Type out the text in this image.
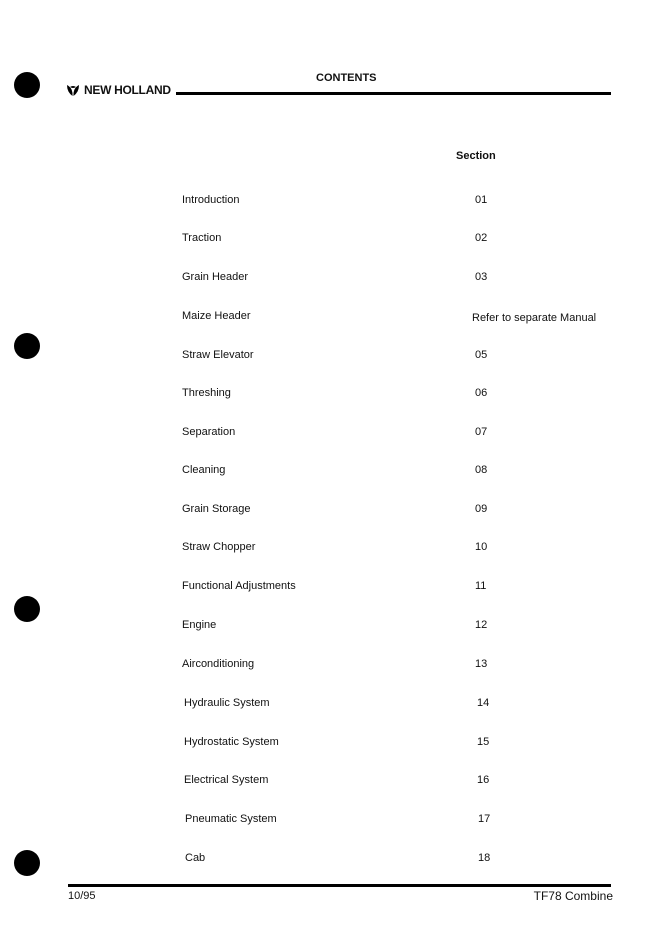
NEW HOLLAND
CONTENTS
Section
Introduction	01
Traction	02
Grain Header	03
Maize Header	Refer to separate Manual
Straw Elevator	05
Threshing	06
Separation	07
Cleaning	08
Grain Storage	09
Straw Chopper	10
Functional Adjustments	11
Engine	12
Airconditioning	13
Hydraulic System	14
Hydrostatic System	15
Electrical System	16
Pneumatic System	17
Cab	18
10/95	TF78 Combine
